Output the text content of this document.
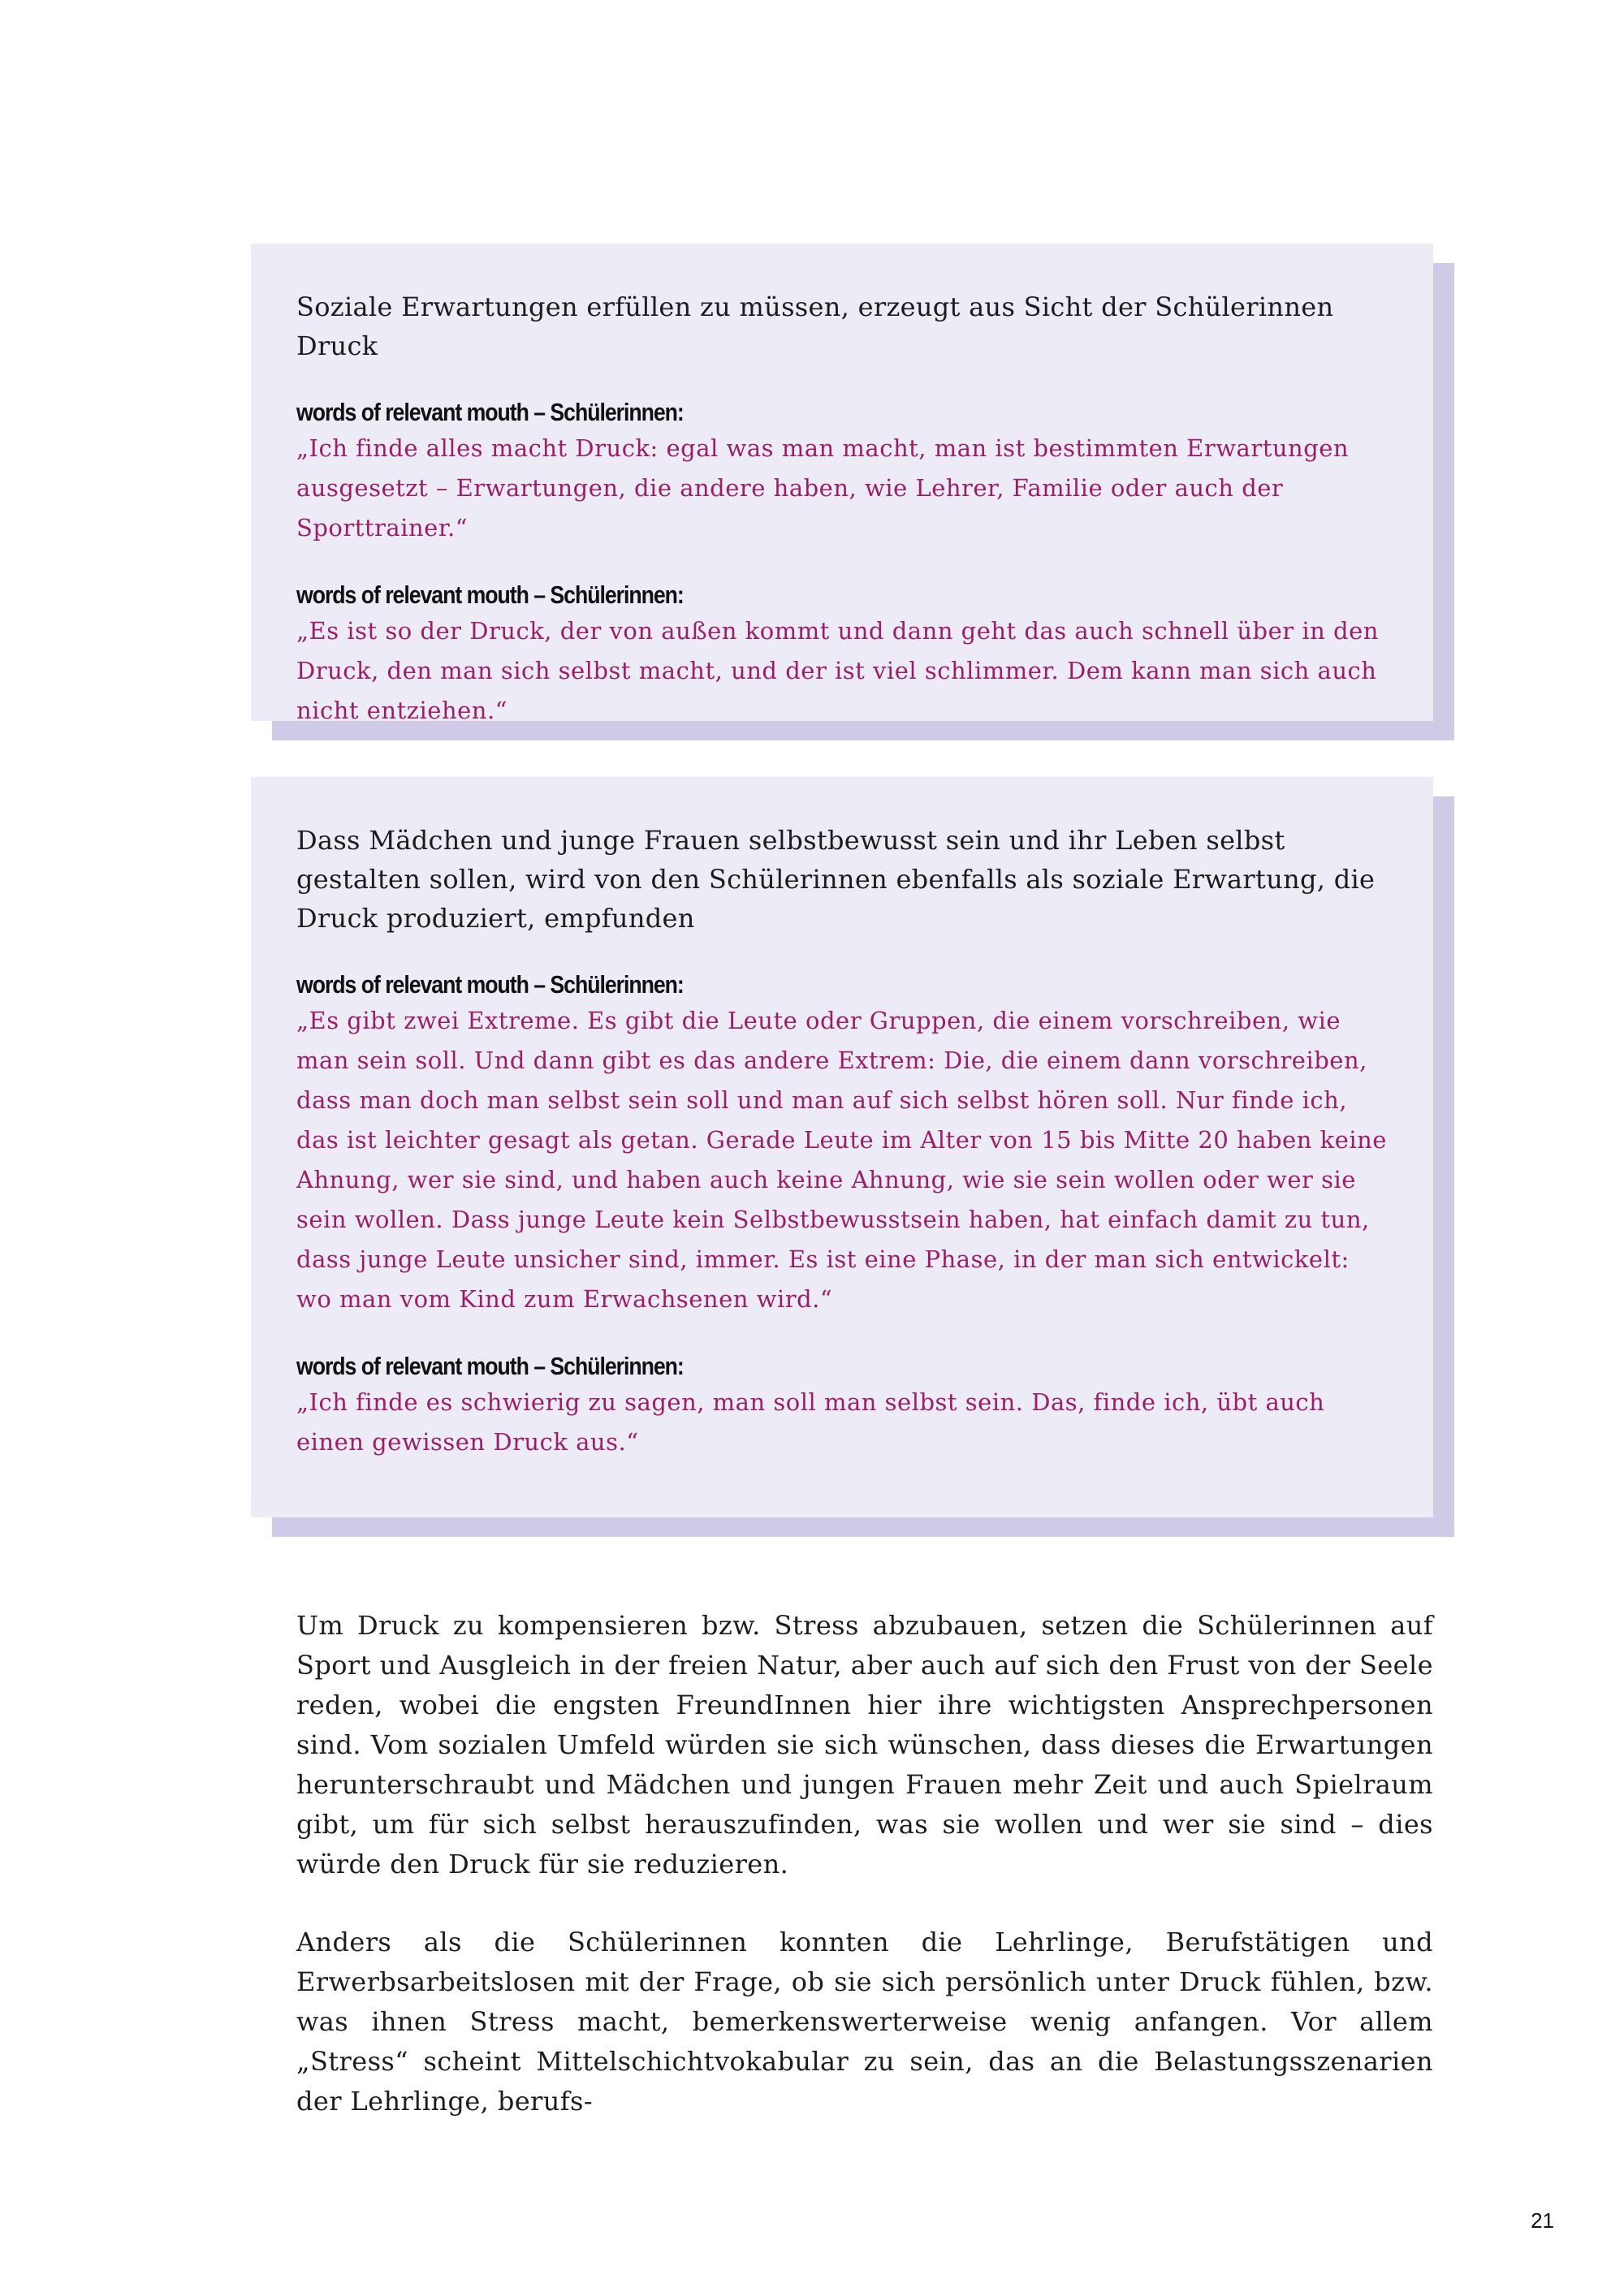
Soziale Erwartungen erfüllen zu müssen, erzeugt aus Sicht der Schülerinnen Druck

words of relevant mouth – Schülerinnen:

„Ich finde alles macht Druck: egal was man macht, man ist bestimmten Erwartungen ausgesetzt – Erwartungen, die andere haben, wie Lehrer, Familie oder auch der Sporttrainer.“

words of relevant mouth – Schülerinnen:

„Es ist so der Druck, der von außen kommt und dann geht das auch schnell über in den Druck, den man sich selbst macht, und der ist viel schlimmer. Dem kann man sich auch nicht entziehen.“

Dass Mädchen und junge Frauen selbstbewusst sein und ihr Leben selbst gestalten sollen, wird von den Schülerinnen ebenfalls als soziale Erwartung, die Druck produziert, empfunden

words of relevant mouth – Schülerinnen:

„Es gibt zwei Extreme. Es gibt die Leute oder Gruppen, die einem vorschreiben, wie man sein soll. Und dann gibt es das andere Extrem: Die, die einem dann vorschreiben, dass man doch man selbst sein soll und man auf sich selbst hören soll. Nur finde ich, das ist leichter gesagt als getan. Gerade Leute im Alter von 15 bis Mitte 20 haben keine Ahnung, wer sie sind, und haben auch keine Ahnung, wie sie sein wollen oder wer sie sein wollen. Dass junge Leute kein Selbstbewusstsein haben, hat einfach damit zu tun, dass junge Leute unsicher sind, immer. Es ist eine Phase, in der man sich entwickelt: wo man vom Kind zum Erwachsenen wird.“

words of relevant mouth – Schülerinnen:

„Ich finde es schwierig zu sagen, man soll man selbst sein. Das, finde ich, übt auch einen gewissen Druck aus.“

Um Druck zu kompensieren bzw. Stress abzubauen, setzen die Schülerinnen auf Sport und Ausgleich in der freien Natur, aber auch auf sich den Frust von der Seele reden, wobei die engsten FreundInnen hier ihre wichtigsten Ansprechpersonen sind. Vom sozialen Umfeld würden sie sich wünschen, dass dieses die Erwartungen herunterschraubt und Mädchen und jungen Frauen mehr Zeit und auch Spielraum gibt, um für sich selbst herauszufinden, was sie wollen und wer sie sind – dies würde den Druck für sie reduzieren.

Anders als die Schülerinnen konnten die Lehrlinge, Berufstätigen und Erwerbsarbeitslosen mit der Frage, ob sie sich persönlich unter Druck fühlen, bzw. was ihnen Stress macht, bemerkenswerterweise wenig anfangen. Vor allem „Stress“ scheint Mittelschichtvokabular zu sein, das an die Belastungsszenarien der Lehrlinge, berufs-

21
